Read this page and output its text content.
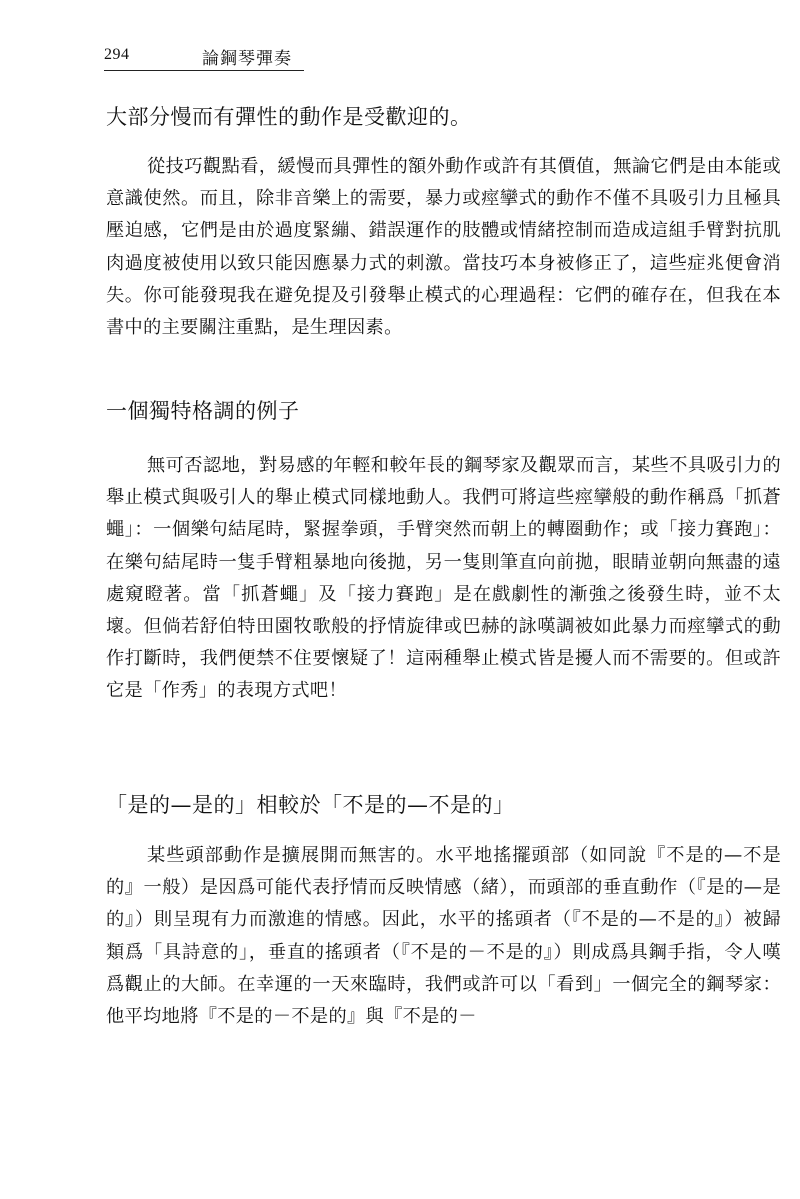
294	論鋼琴彈奏
大部分慢而有彈性的動作是受歡迎的。

從技巧觀點看，緩慢而具彈性的額外動作或許有其價值，無論它們是由本能或意識使然。而且，除非音樂上的需要，暴力或痙攣式的動作不僅不具吸引力且極具壓迫感，它們是由於過度緊繃、錯誤運作的肢體或情緒控制而造成這組手臂對抗肌肉過度被使用以致只能因應暴力式的刺激。當技巧本身被修正了，這些症兆便會消失。你可能發現我在避免提及引發舉止模式的心理過程：它們的確存在，但我在本書中的主要關注重點，是生理因素。

一個獨特格調的例子

無可否認地，對易感的年輕和較年長的鋼琴家及觀眾而言，某些不具吸引力的舉止模式與吸引人的舉止模式同樣地動人。我們可將這些痙攣般的動作稱爲「抓蒼蠅」：一個樂句結尾時，緊握拳頭，手臂突然而朝上的轉圈動作；或「接力賽跑」：在樂句結尾時一隻手臂粗暴地向後拋，另一隻則筆直向前拋，眼睛並朝向無盡的遠處窺瞪著。當「抓蒼蠅」及「接力賽跑」是在戲劇性的漸強之後發生時，並不太壞。但倘若舒伯特田園牧歌般的抒情旋律或巴赫的詠嘆調被如此暴力而痙攣式的動作打斷時，我們便禁不住要懷疑了！這兩種舉止模式皆是擾人而不需要的。但或許它是「作秀」的表現方式吧！

「是的—是的」相較於「不是的—不是的」

某些頭部動作是擴展開而無害的。水平地搖擺頭部（如同說『不是的—不是的』一般）是因爲可能代表抒情而反映情感（緒），而頭部的垂直動作（『是的—是的』）則呈現有力而激進的情感。因此，水平的搖頭者（『不是的—不是的』）被歸類爲「具詩意的」，垂直的搖頭者（『不是的－不是的』）則成爲具鋼手指，令人嘆爲觀止的大師。在幸運的一天來臨時，我們或許可以「看到」一個完全的鋼琴家：他平均地將『不是的－不是的』與『不是的－
